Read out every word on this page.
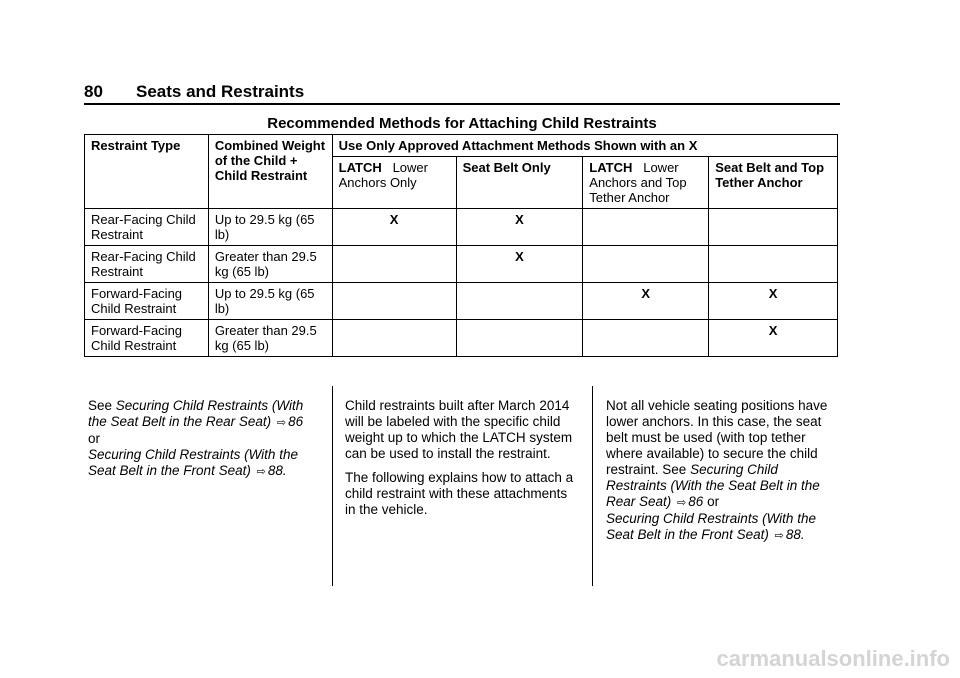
80 Seats and Restraints
Recommended Methods for Attaching Child Restraints
Restraint Type	Combined Weight of the Child + Child Restraint	Use Only Approved Attachment Methods Shown with an X			
		LATCH Lower Anchors Only	Seat Belt Only	LATCH Lower Anchors and Top Tether Anchor	Seat Belt and Top Tether Anchor
Rear-Facing Child Restraint	Up to 29.5 kg (65 lb)	X	X		
Rear-Facing Child Restraint	Greater than 29.5 kg (65 lb)		X		
Forward-Facing Child Restraint	Up to 29.5 kg (65 lb)			X	X
Forward-Facing Child Restraint	Greater than 29.5 kg (65 lb)				X

See Securing Child Restraints (With the Seat Belt in the Rear Seat) ⇨ 86
or
Securing Child Restraints (With the Seat Belt in the Front Seat) ⇨ 88.

Child restraints built after March 2014 will be labeled with the specific child weight up to which the LATCH system can be used to install the restraint.

The following explains how to attach a child restraint with these attachments in the vehicle.

Not all vehicle seating positions have lower anchors. In this case, the seat belt must be used (with top tether where available) to secure the child restraint. See Securing Child Restraints (With the Seat Belt in the Rear Seat) ⇨ 86 or
Securing Child Restraints (With the Seat Belt in the Front Seat) ⇨ 88.

carmanualsonline.info
